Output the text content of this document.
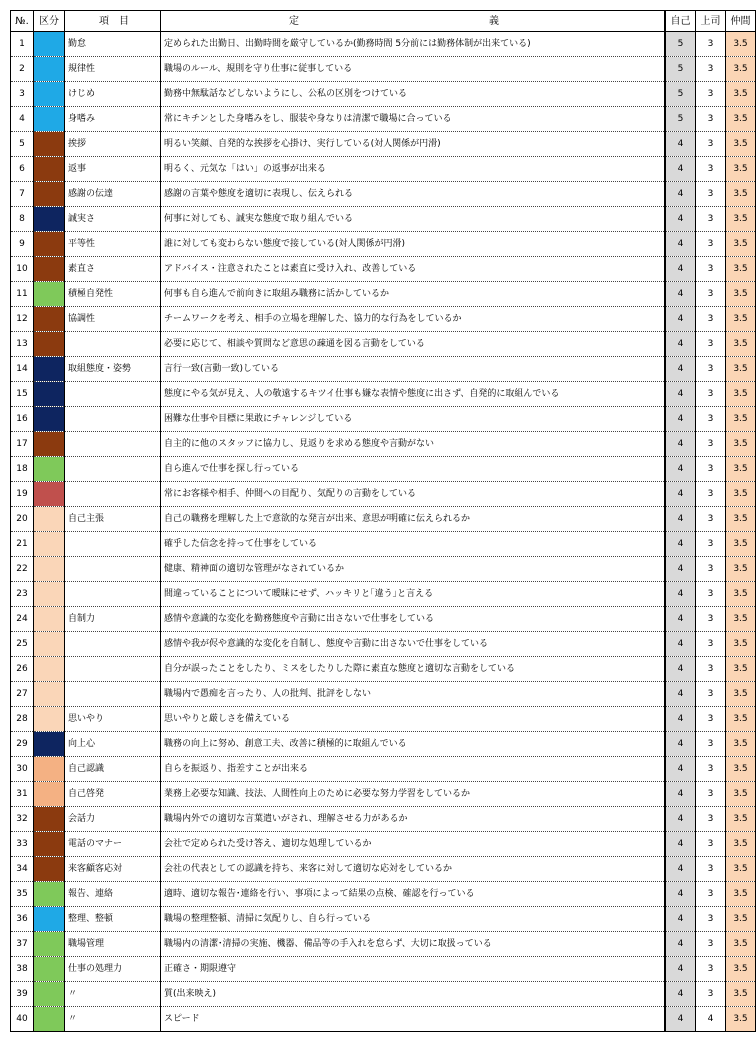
№.	区分	項　目	定　　　義	自己	上司	仲間
1		勤怠	定められた出勤日、出勤時間を厳守しているか(勤務時間 5分前には勤務体制が出来ている)	5	3	3.5
2		規律性	職場のルール、規則を守り仕事に従事している	5	3	3.5
3		けじめ	勤務中無駄話などしないようにし、公私の区別をつけている	5	3	3.5
4		身嗜み	常にキチンとした身嗜みをし、服装や身なりは清潔で職場に合っている	5	3	3.5
5		挨拶	明るい笑顔、自発的な挨拶を心掛け、実行している(対人関係が円滑)	4	3	3.5
6		返事	明るく、元気な「はい」の返事が出来る	4	3	3.5
7		感謝の伝達	感謝の言葉や態度を適切に表現し、伝えられる	4	3	3.5
8		誠実さ	何事に対しても、誠実な態度で取り組んでいる	4	3	3.5
9		平等性	誰に対しても変わらない態度で接している(対人関係が円滑)	4	3	3.5
10		素直さ	アドバイス・注意されたことは素直に受け入れ、改善している	4	3	3.5
11		積極自発性	何事も自ら進んで前向きに取組み職務に活かしているか	4	3	3.5
12		協調性	チームワークを考え、相手の立場を理解した、協力的な行為をしているか	4	3	3.5
13			必要に応じて、相談や質問など意思の疎通を図る言動をしている	4	3	3.5
14		取組態度・姿勢	言行一致(言動一致)している	4	3	3.5
15			態度にやる気が見え、人の敬遠するキツイ仕事も嫌な表情や態度に出さず、自発的に取組んでいる	4	3	3.5
16			困難な仕事や目標に果敢にチャレンジしている	4	3	3.5
17			自主的に他のスタッフに協力し、見返りを求める態度や言動がない	4	3	3.5
18			自ら進んで仕事を探し行っている	4	3	3.5
19			常にお客様や相手、仲間への目配り、気配りの言動をしている	4	3	3.5
20		自己主張	自己の職務を理解した上で意欲的な発言が出来、意思が明確に伝えられるか	4	3	3.5
21			確乎した信念を持って仕事をしている	4	3	3.5
22			健康、精神面の適切な管理がなされているか	4	3	3.5
23			間違っていることについて曖昧にせず、ハッキリと｢違う｣と言える	4	3	3.5
24		自制力	感情や意識的な変化を勤務態度や言動に出さないで仕事をしている	4	3	3.5
25			感情や我が侭や意識的な変化を自制し、態度や言動に出さないで仕事をしている	4	3	3.5
26			自分が誤ったことをしたり、ミスをしたりした際に素直な態度と適切な言動をしている	4	3	3.5
27			職場内で愚痴を言ったり、人の批判、批評をしない	4	3	3.5
28		思いやり	思いやりと厳しさを備えている	4	3	3.5
29		向上心	職務の向上に努め、創意工夫、改善に積極的に取組んでいる	4	3	3.5
30		自己認識	自らを振返り、指差すことが出来る	4	3	3.5
31		自己啓発	業務上必要な知識、技法、人間性向上のために必要な努力学習をしているか	4	3	3.5
32		会話力	職場内外での適切な言葉遣いがされ、理解させる力があるか	4	3	3.5
33		電話のマナー	会社で定められた受け答え、適切な処理しているか	4	3	3.5
34		来客顧客応対	会社の代表としての認識を持ち、来客に対して適切な応対をしているか	4	3	3.5
35		報告、連絡	適時、適切な報告･連絡を行い、事項によって結果の点検、確認を行っている	4	3	3.5
36		整理、整頓	職場の整理整頓、清掃に気配りし、自ら行っている	4	3	3.5
37		職場管理	職場内の清潔･清掃の実施、機器、備品等の手入れを怠らず、大切に取扱っている	4	3	3.5
38		仕事の処理力	正確さ・期限遵守	4	3	3.5
39		〃	質(出来映え)	4	3	3.5
40		〃	スピード	4	4	3.5
